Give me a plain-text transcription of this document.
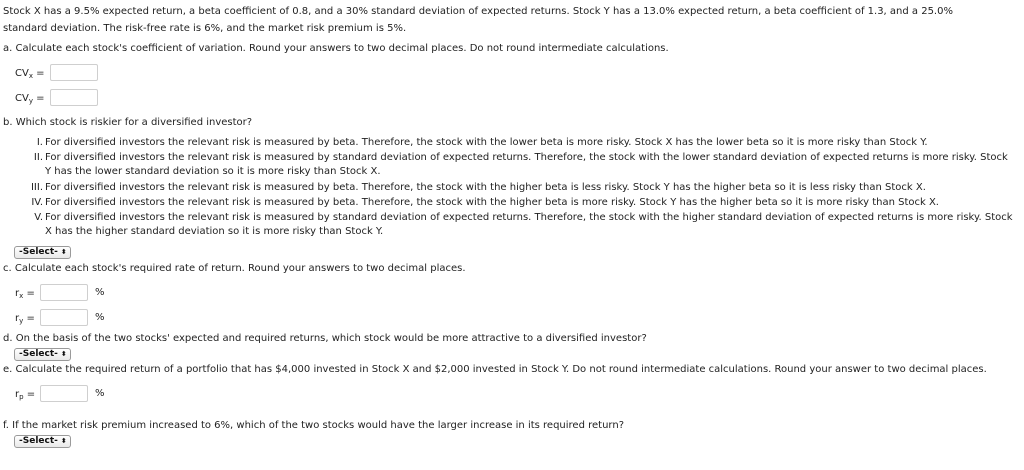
Stock X has a 9.5% expected return, a beta coefficient of 0.8, and a 30% standard deviation of expected returns. Stock Y has a 13.0% expected return, a beta coefficient of 1.3, and a 25.0%
standard deviation. The risk-free rate is 6%, and the market risk premium is 5%.
a. Calculate each stock's coefficient of variation. Round your answers to two decimal places. Do not round intermediate calculations.
$CV_x$ =
$CV_y$ =
b. Which stock is riskier for a diversified investor?
I. For diversified investors the relevant risk is measured by beta. Therefore, the stock with the lower beta is more risky. Stock X has the lower beta so it is more risky than Stock Y.
II. For diversified investors the relevant risk is measured by standard deviation of expected returns. Therefore, the stock with the lower standard deviation of expected returns is more risky. Stock
Y has the lower standard deviation so it is more risky than Stock X.
III. For diversified investors the relevant risk is measured by beta. Therefore, the stock with the higher beta is less risky. Stock Y has the higher beta so it is less risky than Stock X.
IV. For diversified investors the relevant risk is measured by beta. Therefore, the stock with the higher beta is more risky. Stock Y has the higher beta so it is more risky than Stock X.
V. For diversified investors the relevant risk is measured by standard deviation of expected returns. Therefore, the stock with the higher standard deviation of expected returns is more risky. Stock
X has the higher standard deviation so it is more risky than Stock Y.
-Select- ⬍
c. Calculate each stock's required rate of return. Round your answers to two decimal places.
$r_x$ =	%
$r_y$ =	%
d. On the basis of the two stocks' expected and required returns, which stock would be more attractive to a diversified investor?
-Select- ⬍
e. Calculate the required return of a portfolio that has $4,000 invested in Stock X and $2,000 invested in Stock Y. Do not round intermediate calculations. Round your answer to two decimal places.
$r_p$ =	%
f. If the market risk premium increased to 6%, which of the two stocks would have the larger increase in its required return?
-Select- ⬍
